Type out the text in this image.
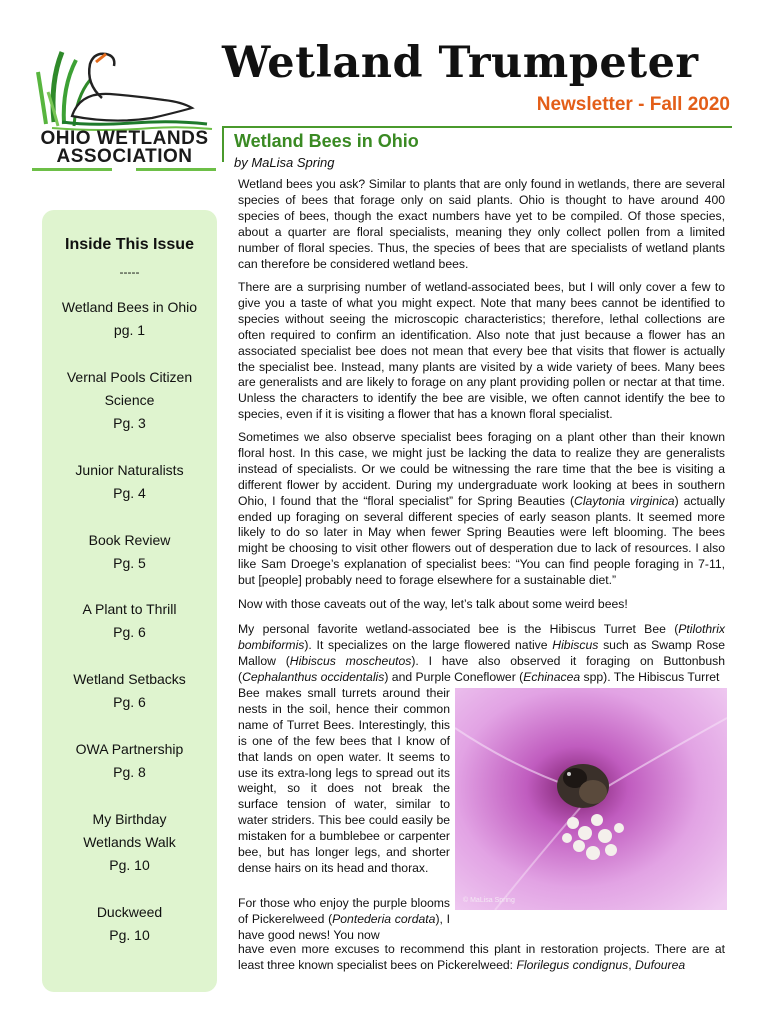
OHIO WETLANDS
ASSOCIATION
Wetland Trumpeter
Newsletter - Fall 2020
Inside This Issue
-----
Wetland Bees in Ohio
pg. 1
Vernal Pools Citizen
Science
Pg. 3
Junior Naturalists
Pg. 4
Book Review
Pg. 5
A Plant to Thrill
Pg. 6
Wetland Setbacks
Pg. 6
OWA Partnership
Pg. 8
My Birthday
Wetlands Walk
Pg. 10
Duckweed
Pg. 10
Wetland Bees in Ohio
by MaLisa Spring

Wetland bees you ask? Similar to plants that are only found in wetlands, there are several species of bees that forage only on said plants. Ohio is thought to have around 400 species of bees, though the exact numbers have yet to be compiled. Of those species, about a quarter are floral specialists, meaning they only collect pollen from a limited number of floral species. Thus, the species of bees that are specialists of wetland plants can therefore be considered wetland bees.

There are a surprising number of wetland-associated bees, but I will only cover a few to give you a taste of what you might expect. Note that many bees cannot be identified to species without seeing the microscopic characteristics; therefore, lethal collections are often required to confirm an identification. Also note that just because a flower has an associated specialist bee does not mean that every bee that visits that flower is actually the specialist bee. Instead, many plants are visited by a wide variety of bees. Many bees are generalists and are likely to forage on any plant providing pollen or nectar at that time. Unless the characters to identify the bee are visible, we often cannot identify the bee to species, even if it is visiting a flower that has a known floral specialist.

Sometimes we also observe specialist bees foraging on a plant other than their known floral host. In this case, we might just be lacking the data to realize they are generalists instead of specialists. Or we could be witnessing the rare time that the bee is visiting a different flower by accident. During my undergraduate work looking at bees in southern Ohio, I found that the “floral specialist” for Spring Beauties (Claytonia virginica) actually ended up foraging on several different species of early season plants. It seemed more likely to do so later in May when fewer Spring Beauties were left blooming. The bees might be choosing to visit other flowers out of desperation due to lack of resources. I also like Sam Droege’s explanation of specialist bees: “You can find people foraging in 7-11, but [people] probably need to forage elsewhere for a sustainable diet.”

Now with those caveats out of the way, let’s talk about some weird bees!

My personal favorite wetland-associated bee is the Hibiscus Turret Bee (Ptilothrix bombiformis). It specializes on the large flowered native Hibiscus such as Swamp Rose Mallow (Hibiscus moscheutos). I have also observed it foraging on Buttonbush (Cephalanthus occidentalis) and Purple Coneflower (Echinacea spp). The Hibiscus Turret

Bee makes small turrets around their nests in the soil, hence their common name of Turret Bees. Interestingly, this is one of the few bees that I know of that lands on open water. It seems to use its extra-long legs to spread out its weight, so it does not break the surface tension of water, similar to water striders. This bee could easily be mistaken for a bumblebee or carpenter bee, but has longer legs, and shorter dense hairs on its head and thorax.

For those who enjoy the purple blooms of Pickerelweed (Pontederia cordata), I have good news! You now

have even more excuses to recommend this plant in restoration projects. There are at least three known specialist bees on Pickerelweed: Florilegus condignus, Dufourea

© MaLisa Spring
